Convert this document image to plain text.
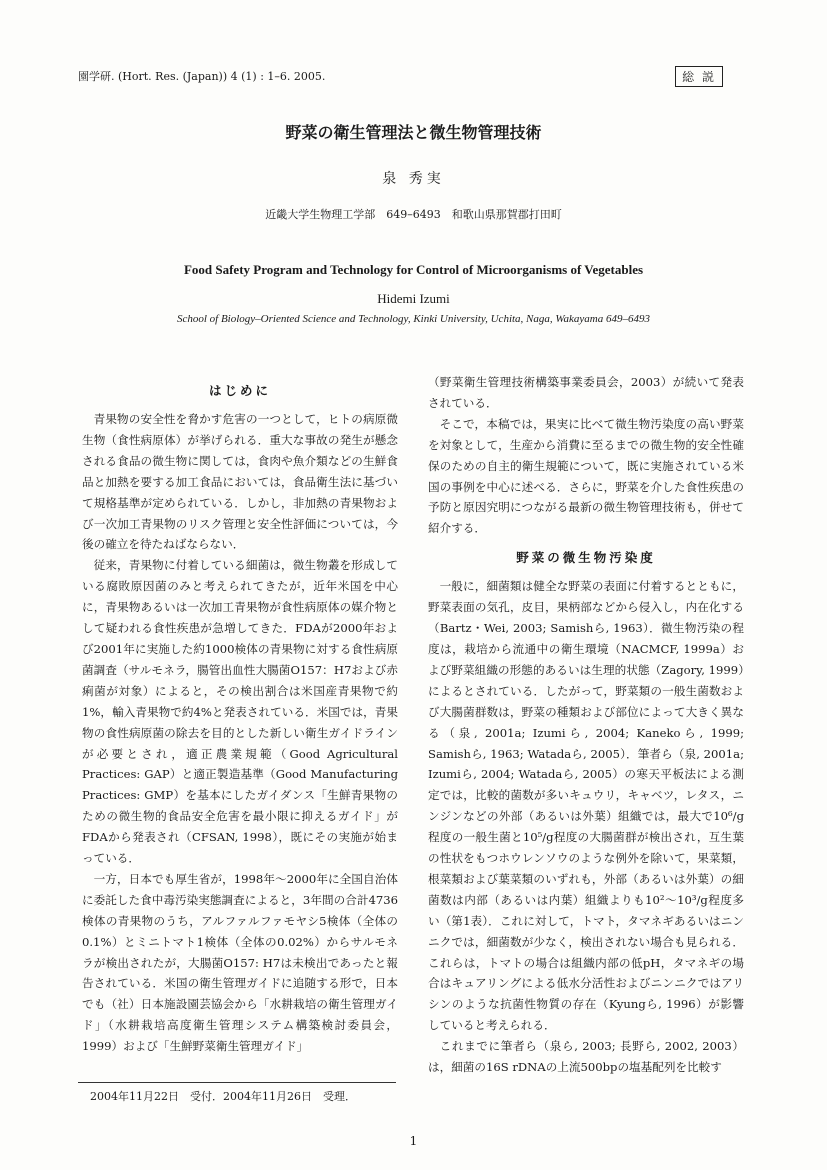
園学研. (Hort. Res. (Japan)) 4 (1) : 1–6. 2005.	総 説
野菜の衛生管理法と微生物管理技術
泉 秀実
近畿大学生物理工学部　649–6493　和歌山県那賀郡打田町
Food Safety Program and Technology for Control of Microorganisms of Vegetables
Hidemi Izumi
School of Biology–Oriented Science and Technology, Kinki University, Uchita, Naga, Wakayama 649–6493
はじめに

青果物の安全性を脅かす危害の一つとして，ヒトの病原微生物（食性病原体）が挙げられる．重大な事故の発生が懸念される食品の微生物に関しては，食肉や魚介類などの生鮮食品と加熱を要する加工食品においては，食品衛生法に基づいて規格基準が定められている．しかし，非加熱の青果物および一次加工青果物のリスク管理と安全性評価については，今後の確立を待たねばならない．

従来，青果物に付着している細菌は，微生物叢を形成している腐敗原因菌のみと考えられてきたが，近年米国を中心に，青果物あるいは一次加工青果物が食性病原体の媒介物として疑われる食性疾患が急増してきた．FDAが2000年および2001年に実施した約1000検体の青果物に対する食性病原菌調査（サルモネラ，腸管出血性大腸菌O157：H7および赤痢菌が対象）によると，その検出割合は米国産青果物で約1%，輸入青果物で約4%と発表されている．米国では，青果物の食性病原菌の除去を目的とした新しい衛生ガイドラインが必要とされ，適正農業規範（Good Agricultural Practices: GAP）と適正製造基準（Good Manufacturing Practices: GMP）を基本にしたガイダンス「生鮮青果物のための微生物的食品安全危害を最小限に抑えるガイド」がFDAから発表され（CFSAN, 1998），既にその実施が始まっている．

一方，日本でも厚生省が，1998年～2000年に全国自治体に委託した食中毒汚染実態調査によると，3年間の合計4736検体の青果物のうち，アルファルファモヤシ5検体（全体の0.1%）とミニトマト1検体（全体の0.02%）からサルモネラが検出されたが，大腸菌O157: H7は未検出であったと報告されている．米国の衛生管理ガイドに追随する形で，日本でも（社）日本施設園芸協会から「水耕栽培の衛生管理ガイド」（水耕栽培高度衛生管理システム構築検討委員会，1999）および「生鮮野菜衛生管理ガイド」

（野菜衛生管理技術構築事業委員会，2003）が続いて発表されている．

そこで，本稿では，果実に比べて微生物汚染度の高い野菜を対象として，生産から消費に至るまでの微生物的安全性確保のための自主的衛生規範について，既に実施されている米国の事例を中心に述べる．さらに，野菜を介した食性疾患の予防と原因究明につながる最新の微生物管理技術も，併せて紹介する．

野菜の微生物汚染度

一般に，細菌類は健全な野菜の表面に付着するとともに，野菜表面の気孔，皮目，果柄部などから侵入し，内在化する（Bartz・Wei, 2003; Samishら, 1963）．微生物汚染の程度は，栽培から流通中の衛生環境（NACMCF, 1999a）および野菜組織の形態的あるいは生理的状態（Zagory, 1999）によるとされている．したがって，野菜類の一般生菌数および大腸菌群数は，野菜の種類および部位によって大きく異なる（泉, 2001a; Izumiら, 2004; Kanekoら, 1999; Samishら, 1963; Watadaら, 2005）．筆者ら（泉, 2001a; Izumiら, 2004; Watadaら, 2005）の寒天平板法による測定では，比較的菌数が多いキュウリ，キャベツ，レタス，ニンジンなどの外部（あるいは外葉）組織では，最大で10⁶/g程度の一般生菌と10⁵/g程度の大腸菌群が検出され，互生葉の性状をもつホウレンソウのような例外を除いて，果菜類，根菜類および葉菜類のいずれも，外部（あるいは外葉）の細菌数は内部（あるいは内葉）組織よりも10²～10³/g程度多い（第1表）．これに対して，トマト，タマネギあるいはニンニクでは，細菌数が少なく，検出されない場合も見られる．これらは，トマトの場合は組織内部の低pH，タマネギの場合はキュアリングによる低水分活性およびニンニクではアリシンのような抗菌性物質の存在（Kyungら, 1996）が影響していると考えられる．

これまでに筆者ら（泉ら, 2003; 長野ら, 2002, 2003）は，細菌の16S rDNAの上流500bpの塩基配列を比較す

2004年11月22日　受付．2004年11月26日　受理．
1
